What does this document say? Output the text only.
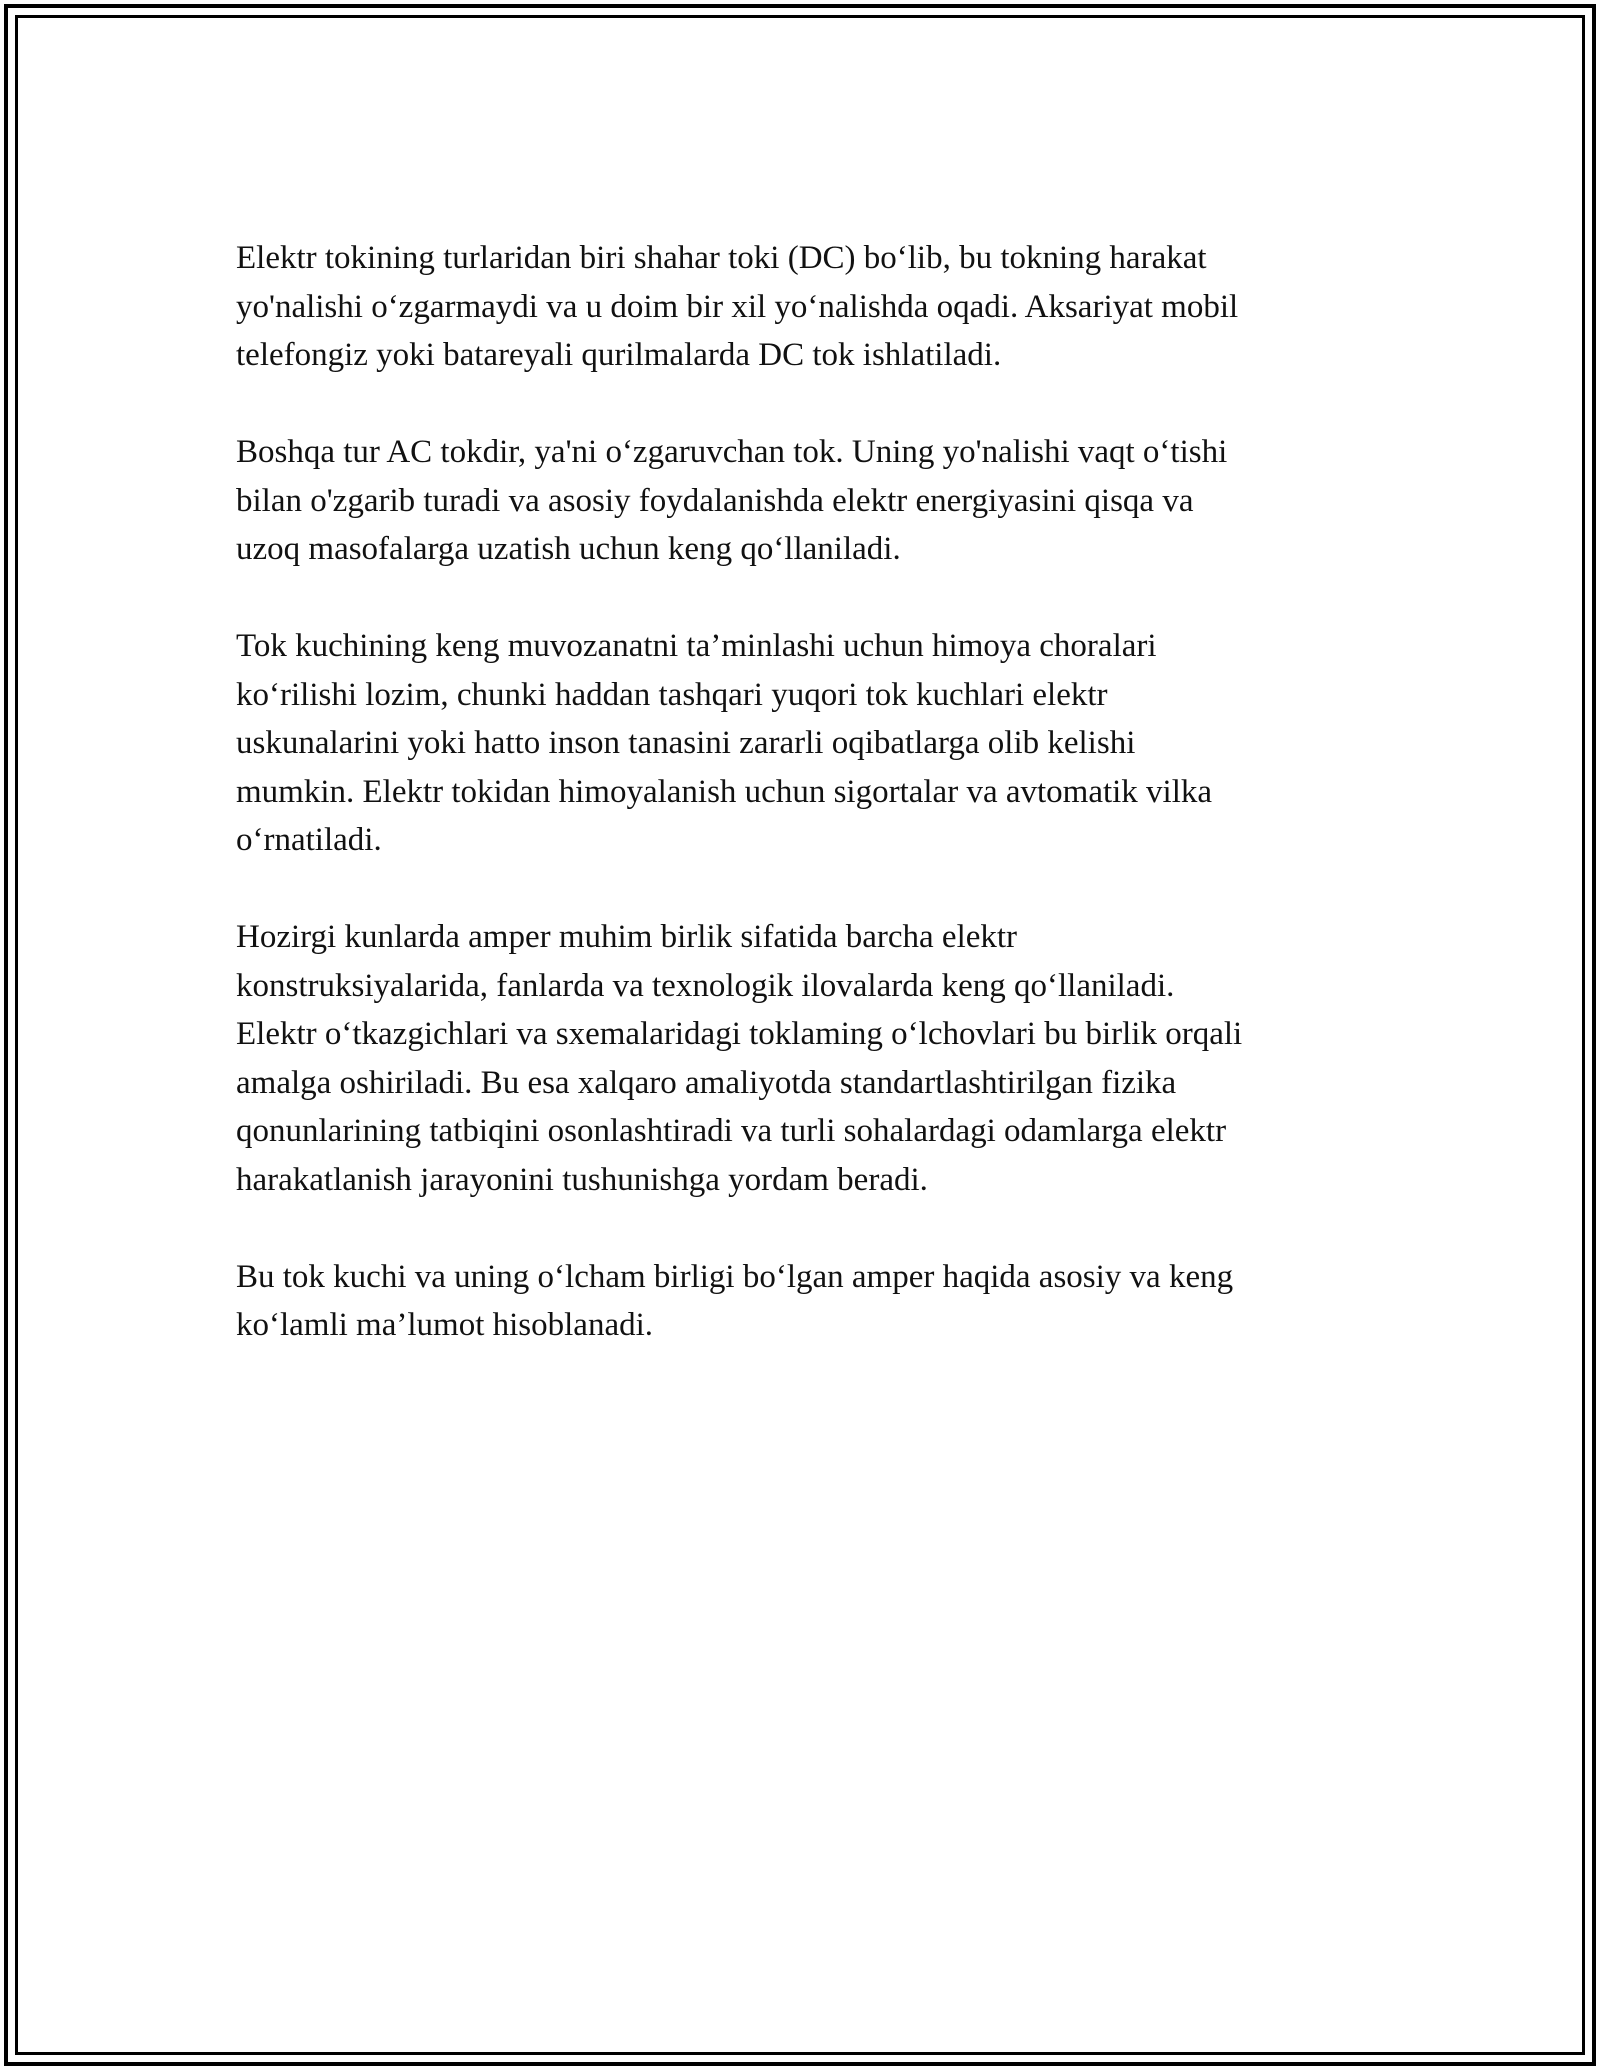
Elektr tokining turlaridan biri shahar toki (DC) bo‘lib, bu tokning harakat
yo'nalishi o‘zgarmaydi va u doim bir xil yo‘nalishda oqadi. Aksariyat mobil
telefongiz yoki batareyali qurilmalarda DC tok ishlatiladi.

Boshqa tur AC tokdir, ya'ni o‘zgaruvchan tok. Uning yo'nalishi vaqt o‘tishi
bilan o'zgarib turadi va asosiy foydalanishda elektr energiyasini qisqa va
uzoq masofalarga uzatish uchun keng qo‘llaniladi.

Tok kuchining keng muvozanatni ta’minlashi uchun himoya choralari
ko‘rilishi lozim, chunki haddan tashqari yuqori tok kuchlari elektr
uskunalarini yoki hatto inson tanasini zararli oqibatlarga olib kelishi
mumkin. Elektr tokidan himoyalanish uchun sigortalar va avtomatik vilka
o‘rnatiladi.

Hozirgi kunlarda amper muhim birlik sifatida barcha elektr
konstruksiyalarida, fanlarda va texnologik ilovalarda keng qo‘llaniladi.
Elektr o‘tkazgichlari va sxemalaridagi toklaming o‘lchovlari bu birlik orqali
amalga oshiriladi. Bu esa xalqaro amaliyotda standartlashtirilgan fizika
qonunlarining tatbiqini osonlashtiradi va turli sohalardagi odamlarga elektr
harakatlanish jarayonini tushunishga yordam beradi.

Bu tok kuchi va uning o‘lcham birligi bo‘lgan amper haqida asosiy va keng
ko‘lamli ma’lumot hisoblanadi.
